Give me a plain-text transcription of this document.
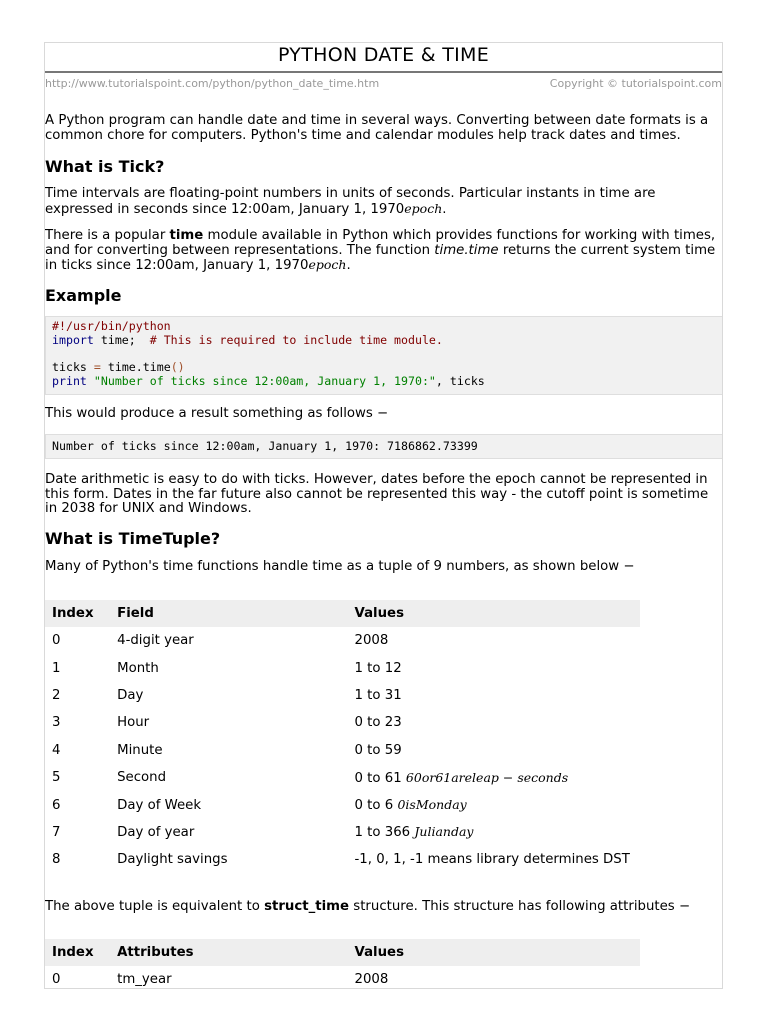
PYTHON DATE & TIME
http://www.tutorialspoint.com/python/python_date_time.htm	Copyright © tutorialspoint.com

A Python program can handle date and time in several ways. Converting between date formats is a common chore for computers. Python's time and calendar modules help track dates and times.

What is Tick?

Time intervals are floating-point numbers in units of seconds. Particular instants in time are expressed in seconds since 12:00am, January 1, 1970epoch.

There is a popular time module available in Python which provides functions for working with times, and for converting between representations. The function time.time returns the current system time in ticks since 12:00am, January 1, 1970epoch.

Example
#!/usr/bin/python
import time;  # This is required to include time module.

ticks = time.time()
print "Number of ticks since 12:00am, January 1, 1970:", ticks

This would produce a result something as follows −

Number of ticks since 12:00am, January 1, 1970: 7186862.73399

Date arithmetic is easy to do with ticks. However, dates before the epoch cannot be represented in this form. Dates in the far future also cannot be represented this way - the cutoff point is sometime in 2038 for UNIX and Windows.

What is TimeTuple?

Many of Python's time functions handle time as a tuple of 9 numbers, as shown below −

Index	Field	Values
0	4-digit year	2008
1	Month	1 to 12
2	Day	1 to 31
3	Hour	0 to 23
4	Minute	0 to 59
5	Second	0 to 61 60or61areleap − seconds
6	Day of Week	0 to 6 0isMonday
7	Day of year	1 to 366 Julianday
8	Daylight savings	-1, 0, 1, -1 means library determines DST

The above tuple is equivalent to struct_time structure. This structure has following attributes −

Index	Attributes	Values
0	tm_year	2008
